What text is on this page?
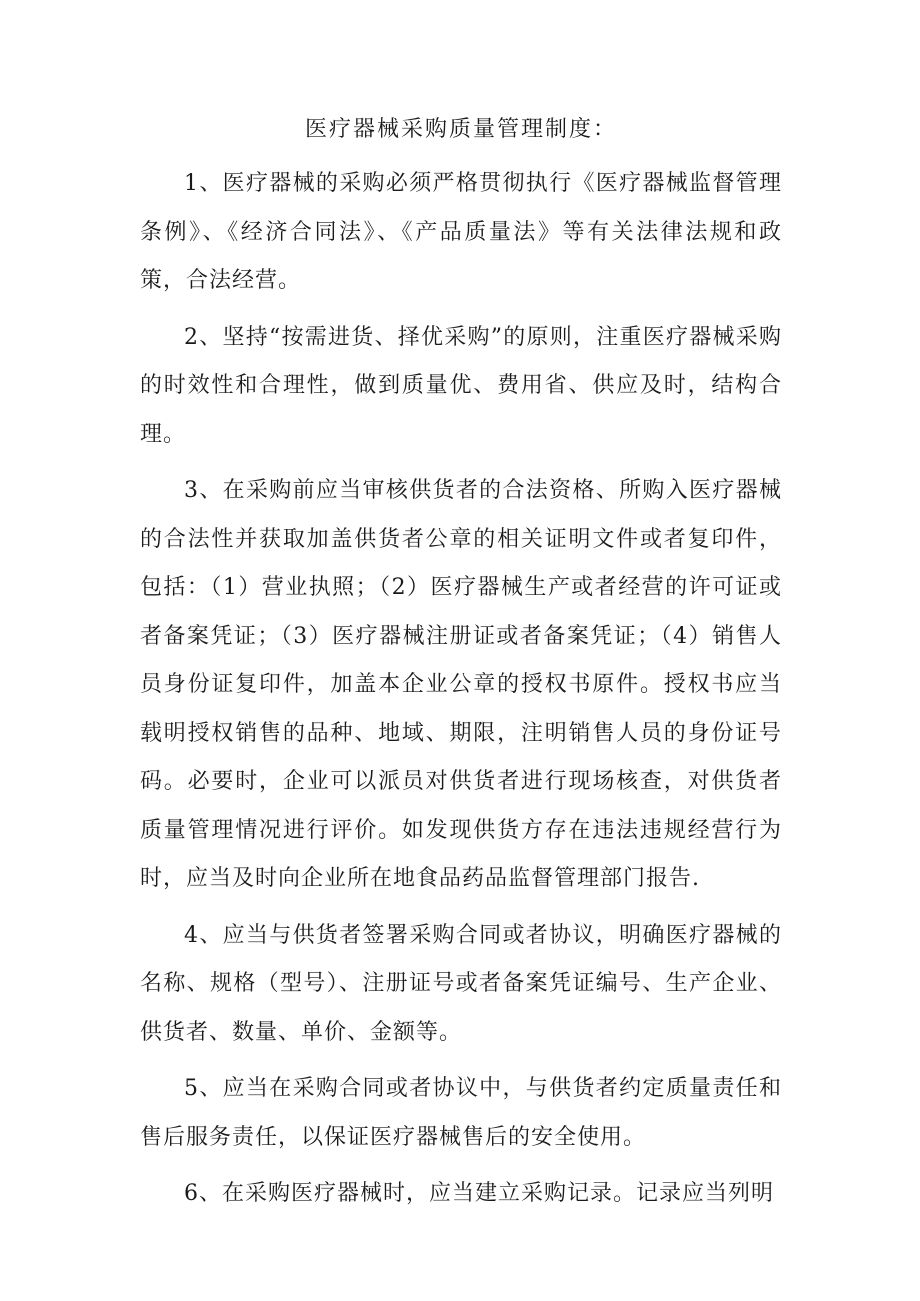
医疗器械采购质量管理制度：

1、医疗器械的采购必须严格贯彻执行《医疗器械监督管理条例》、《经济合同法》、《产品质量法》等有关法律法规和政策，合法经营。

2、坚持“按需进货、择优采购”的原则，注重医疗器械采购的时效性和合理性，做到质量优、费用省、供应及时，结构合理。

3、在采购前应当审核供货者的合法资格、所购入医疗器械的合法性并获取加盖供货者公章的相关证明文件或者复印件，包括：（1）营业执照；（2）医疗器械生产或者经营的许可证或者备案凭证；（3）医疗器械注册证或者备案凭证；（4）销售人员身份证复印件，加盖本企业公章的授权书原件。授权书应当载明授权销售的品种、地域、期限，注明销售人员的身份证号码。必要时，企业可以派员对供货者进行现场核查，对供货者质量管理情况进行评价。如发现供货方存在违法违规经营行为时，应当及时向企业所在地食品药品监督管理部门报告.

4、应当与供货者签署采购合同或者协议，明确医疗器械的名称、规格（型号）、注册证号或者备案凭证编号、生产企业、供货者、数量、单价、金额等。

5、应当在采购合同或者协议中，与供货者约定质量责任和售后服务责任，以保证医疗器械售后的安全使用。

6、在采购医疗器械时，应当建立采购记录。记录应当列明
